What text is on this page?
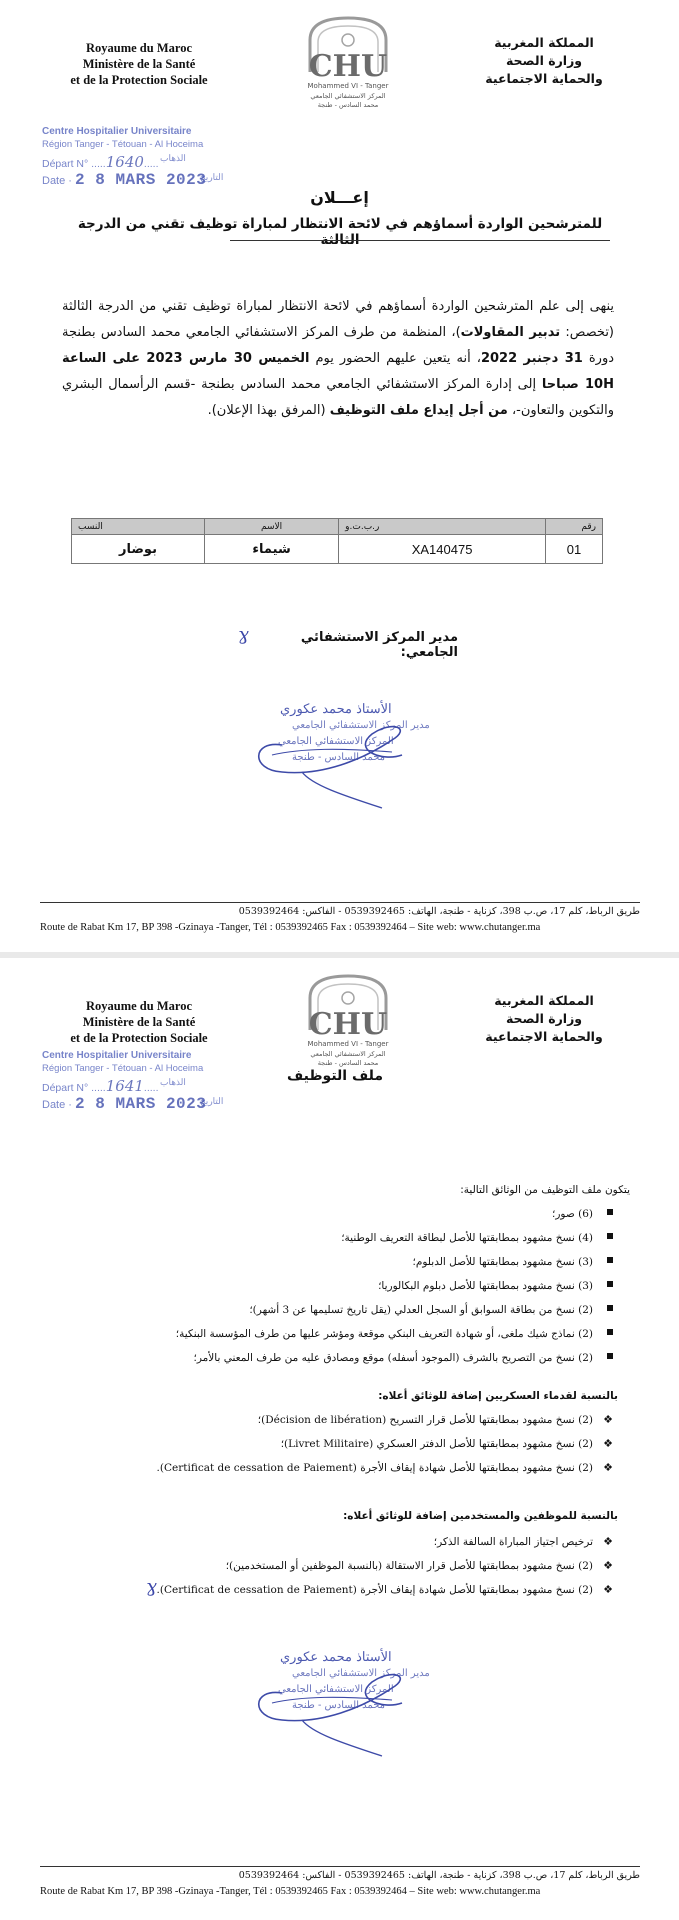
Royaume du Maroc
Ministère de la Santé
et de la Protection Sociale	CHU
Mohammed VI - Tanger
المركز الاستشفائي الجامعي
محمد السادس - طنجة
المملكة المغربية
وزارة الصحة
والحماية الاجتماعية
Centre Hospitalier Universitaire
Région Tanger - Tétouan - Al Hoceima
Départ N° .....1640..... الذهاب
Date · 2 8 MARS 2023
التاريخ
إعـــلان
للمترشحين الواردة أسماؤهم في لائحة الانتظار لمباراة توظيف تقني من الدرجة الثالثة
ينهى إلى علم المترشحين الواردة أسماؤهم في لائحة الانتظار لمباراة توظيف تقني من الدرجة الثالثة (تخصص: تدبير المقاولات)، المنظمة من طرف المركز الاستشفائي الجامعي محمد السادس بطنجة دورة 31 دجنبر 2022، أنه يتعين عليهم الحضور يوم الخميس 30 مارس 2023 على الساعة 10H صباحا إلى إدارة المركز الاستشفائي الجامعي محمد السادس بطنجة -قسم الرأسمال البشري والتكوين والتعاون-، من أجل إيداع ملف التوظيف (المرفق بهذا الإعلان).
رقم	ر.ب.ت.و	الاسم	النسب
01	XA140475	شيماء	بوضار
مدير المركز الاستشفائي الجامعي:
ɣ
الأستاذ محمد عكوري
مدير المركز الاستشفائي الجامعي
المركز الاستشفائي الجامعي
محمد السادس - طنجة
طريق الرباط، كلم 17، ص.ب 398، كزناية - طنجة، الهاتف: 0539392465 - الفاكس: 0539392464
Route de Rabat Km 17, BP 398 -Gzinaya -Tanger, Tél : 0539392465 Fax : 0539392464 – Site web: www.chutanger.ma
Royaume du Maroc
Ministère de la Santé
et de la Protection Sociale	CHU
Mohammed VI - Tanger
المركز الاستشفائي الجامعي
محمد السادس - طنجة
المملكة المغربية
وزارة الصحة
والحماية الاجتماعية
Centre Hospitalier Universitaire
Région Tanger - Tétouan - Al Hoceima
Départ N° .....1641..... الذهاب
Date · 2 8 MARS 2023
التاريخ
ملف التوظيف
يتكون ملف التوظيف من الوثائق التالية:
(6) صور؛
(4) نسخ مشهود بمطابقتها للأصل لبطاقة التعريف الوطنية؛
(3) نسخ مشهود بمطابقتها للأصل الدبلوم؛
(3) نسخ مشهود بمطابقتها للأصل دبلوم البكالوريا؛
(2) نسخ من بطاقة السوابق أو السجل العدلي (يقل تاريخ تسليمها عن 3 أشهر)؛
(2) نماذج شيك ملغى، أو شهادة التعريف البنكي موقعة ومؤشر عليها من طرف المؤسسة البنكية؛
(2) نسخ من التصريح بالشرف (الموجود أسفله) موقع ومصادق عليه من طرف المعني بالأمر؛
بالنسبة لقدماء العسكريين إضافة للوثائق أعلاه:
❖
(2) نسخ مشهود بمطابقتها للأصل قرار التسريح (Décision de libération)؛
❖
(2) نسخ مشهود بمطابقتها للأصل الدفتر العسكري (Livret Militaire)؛
❖
(2) نسخ مشهود بمطابقتها للأصل شهادة إيقاف الأجرة (Certificat de cessation de Paiement).
بالنسبة للموظفين والمستخدمين إضافة للوثائق أعلاه:
❖
ترخيص اجتياز المباراة السالفة الذكر؛
❖
(2) نسخ مشهود بمطابقتها للأصل قرار الاستقالة (بالنسبة الموظفين أو المستخدمين)؛
❖
(2) نسخ مشهود بمطابقتها للأصل شهادة إيقاف الأجرة (Certificat de cessation de Paiement).
ɣ
الأستاذ محمد عكوري
مدير المركز الاستشفائي الجامعي
المركز الاستشفائي الجامعي
محمد السادس - طنجة
طريق الرباط، كلم 17، ص.ب 398، كزناية - طنجة، الهاتف: 0539392465 - الفاكس: 0539392464
Route de Rabat Km 17, BP 398 -Gzinaya -Tanger, Tél : 0539392465 Fax : 0539392464 – Site web: www.chutanger.ma
